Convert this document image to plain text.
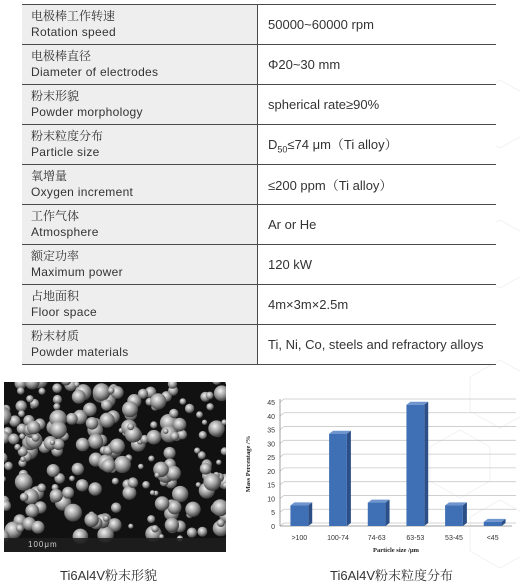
电极棒工作转速
Rotation speed	50000~60000 rpm

电极棒直径
Diameter of electrodes	Φ20~30 mm

粉末形貌
Powder morphology	spherical rate≥90%

粉末粒度分布
Particle size	$D_{50}\le 74$ μm（Ti alloy）

氧增量
Oxygen increment	≤200 ppm（Ti alloy）

工作气体
Atmosphere	Ar or He

额定功率
Maximum power	120 kW

占地面积
Floor space	4m×3m×2.5m

粉末材质
Powder materials	Ti, Ni, Co, steels and refractory alloys
100μm
Ti6Al4V粉末形貌
0
5
10
15
20
25
30
35
40
45
>100	100-74	74-63	63-53	53-45	<45
Particle size /μm
Mass Percentage /%
Ti6Al4V粉末粒度分布
